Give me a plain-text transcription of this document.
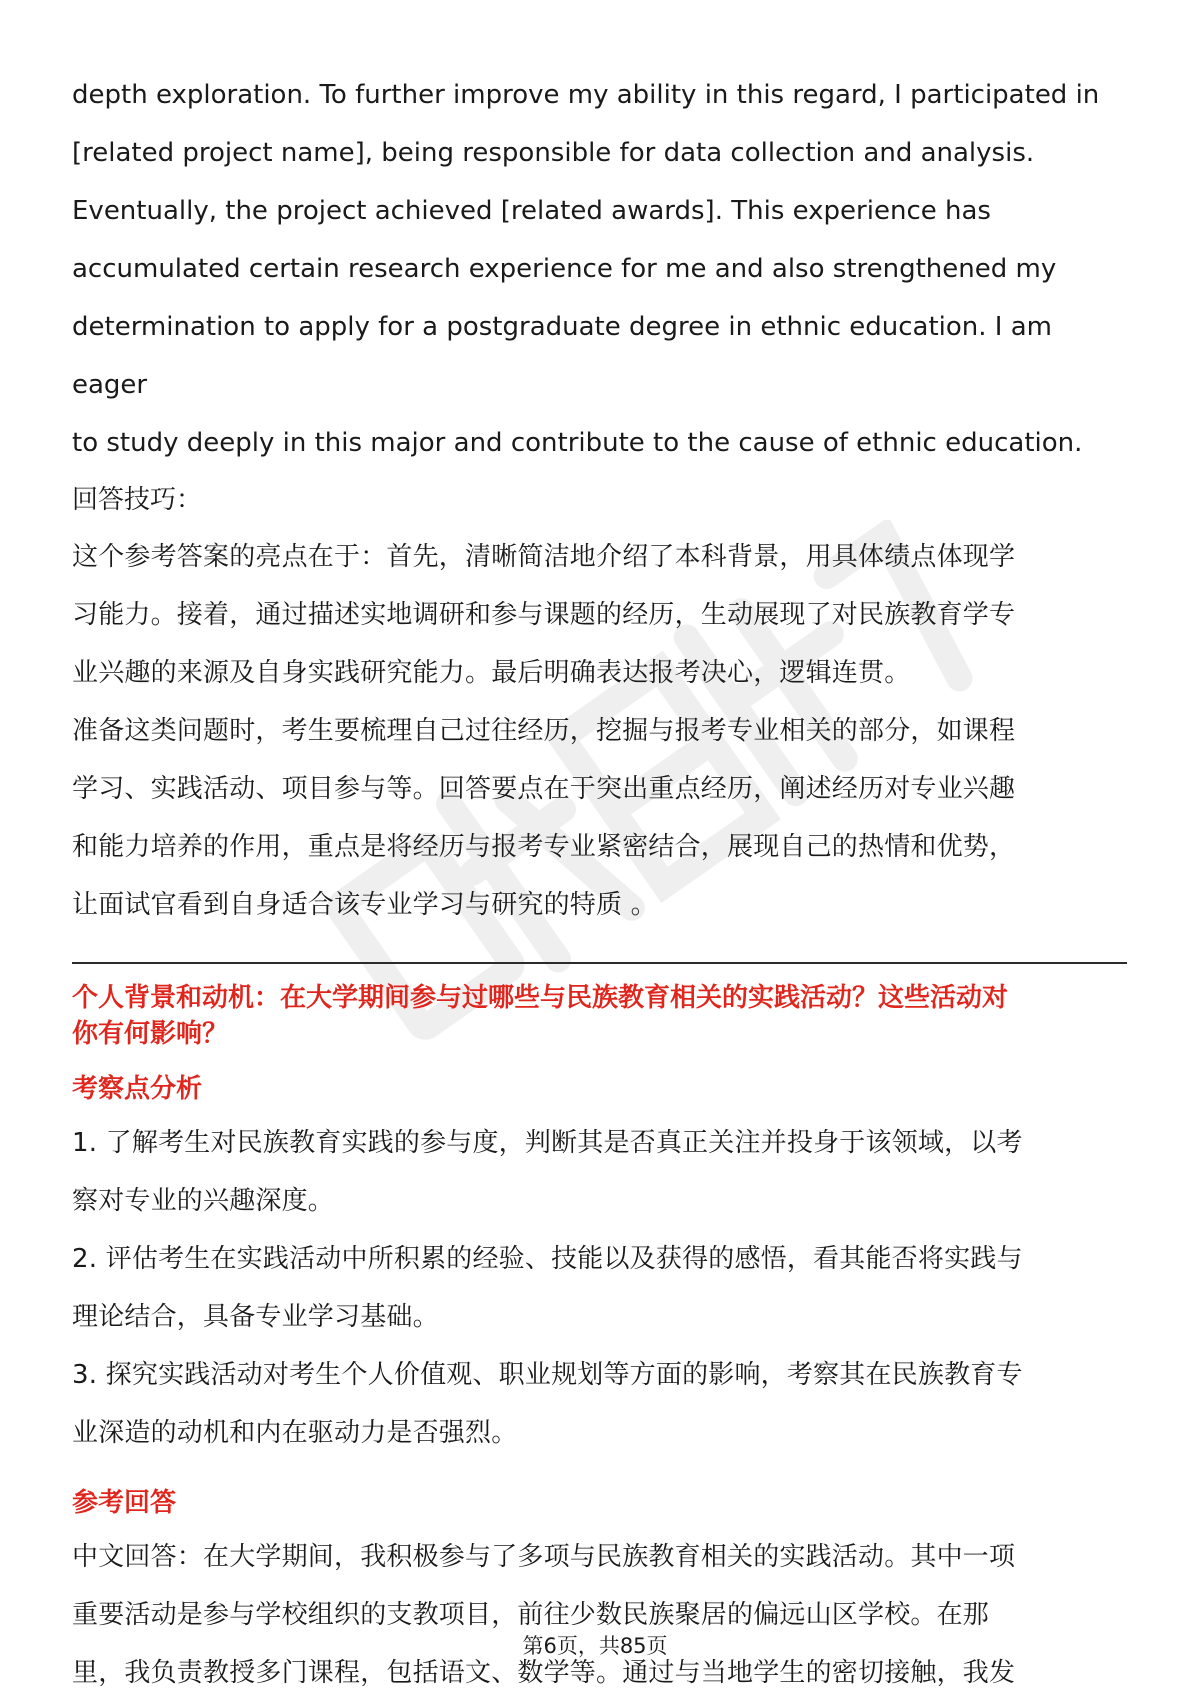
depth exploration. To further improve my ability in this regard, I participated in

[related project name], being responsible for data collection and analysis.

Eventually, the project achieved [related awards]. This experience has

accumulated certain research experience for me and also strengthened my

determination to apply for a postgraduate degree in ethnic education. I am eager

to study deeply in this major and contribute to the cause of ethnic education.

回答技巧：

这个参考答案的亮点在于：首先，清晰简洁地介绍了本科背景，用具体绩点体现学

习能力。接着，通过描述实地调研和参与课题的经历，生动展现了对民族教育学专

业兴趣的来源及自身实践研究能力。最后明确表达报考决心，逻辑连贯。

准备这类问题时，考生要梳理自己过往经历，挖掘与报考专业相关的部分，如课程

学习、实践活动、项目参与等。回答要点在于突出重点经历，阐述经历对专业兴趣

和能力培养的作用，重点是将经历与报考专业紧密结合，展现自己的热情和优势，

让面试官看到自身适合该专业学习与研究的特质 。

个人背景和动机：在大学期间参与过哪些与民族教育相关的实践活动？这些活动对

你有何影响？

考察点分析

1. 了解考生对民族教育实践的参与度，判断其是否真正关注并投身于该领域，以考

察对专业的兴趣深度。

2. 评估考生在实践活动中所积累的经验、技能以及获得的感悟，看其能否将实践与

理论结合，具备专业学习基础。

3. 探究实践活动对考生个人价值观、职业规划等方面的影响，考察其在民族教育专

业深造的动机和内在驱动力是否强烈。

参考回答

中文回答：在大学期间，我积极参与了多项与民族教育相关的实践活动。其中一项

重要活动是参与学校组织的支教项目，前往少数民族聚居的偏远山区学校。在那

里，我负责教授多门课程，包括语文、数学等。通过与当地学生的密切接触，我发

第6页，共85页
